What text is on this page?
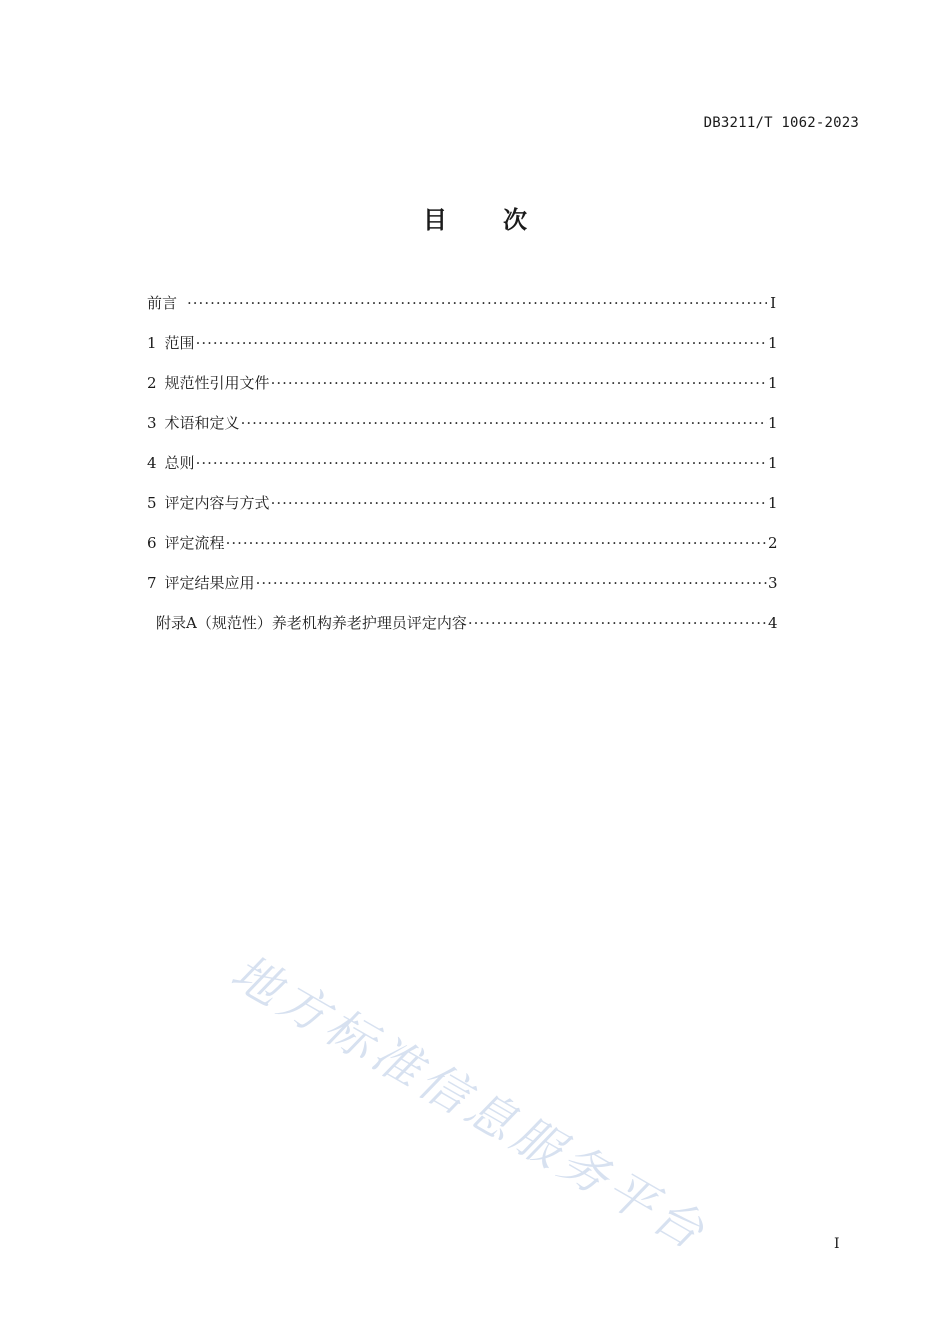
DB3211/T 1062-2023
目次
前言 ·····	I
1 范围 ·····	1
2 规范性引用文件 ·····	1
3 术语和定义 ·····	1
4 总则 ·····	1
5 评定内容与方式 ·····	1
6 评定流程 ·····	2
7 评定结果应用 ·····	3
附录A（规范性）养老机构养老护理员评定内容 ·····	4
地方标准信息服务平台	I
